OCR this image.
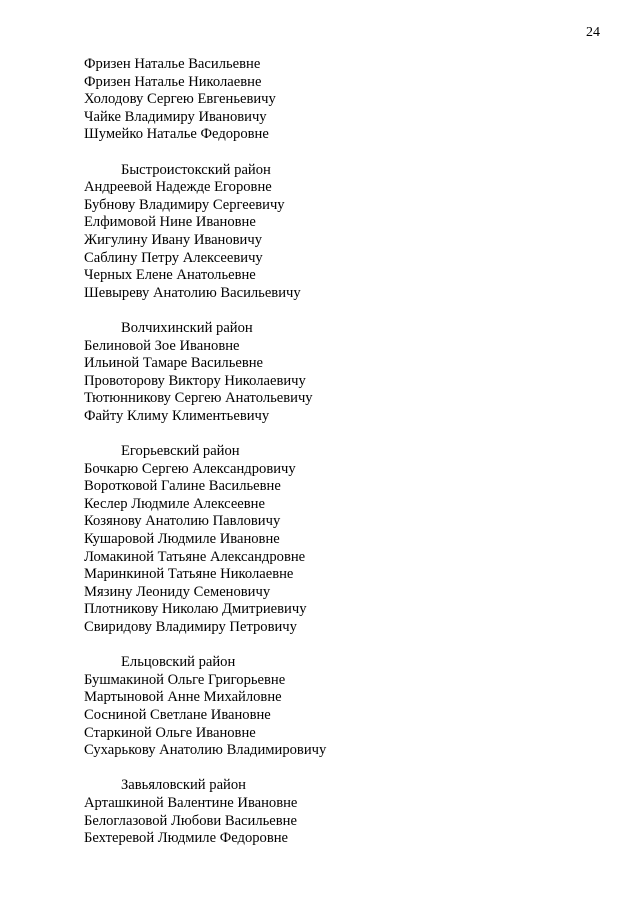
24
Фризен Наталье Васильевне
Фризен Наталье Николаевне
Холодову Сергею Евгеньевичу
Чайке Владимиру Ивановичу
Шумейко Наталье Федоровне
Быстроистокский район
Андреевой Надежде Егоровне
Бубнову Владимиру Сергеевичу
Елфимовой Нине Ивановне
Жигулину Ивану Ивановичу
Саблину Петру Алексеевичу
Черных Елене Анатольевне
Шевыреву Анатолию Васильевичу
Волчихинский район
Белиновой Зое Ивановне
Ильиной Тамаре Васильевне
Провоторову Виктору Николаевичу
Тютюнникову Сергею Анатольевичу
Файту Климу Климентьевичу
Егорьевский район
Бочкарю Сергею Александровичу
Воротковой Галине Васильевне
Кеслер Людмиле Алексеевне
Козянову Анатолию Павловичу
Кушаровой Людмиле Ивановне
Ломакиной Татьяне Александровне
Маринкиной Татьяне Николаевне
Мязину Леониду Семеновичу
Плотникову Николаю Дмитриевичу
Свиридову Владимиру Петровичу
Ельцовский район
Бушмакиной Ольге Григорьевне
Мартыновой Анне Михайловне
Сосниной Светлане Ивановне
Старкиной Ольге Ивановне
Сухарькову Анатолию Владимировичу
Завьяловский район
Арташкиной Валентине Ивановне
Белоглазовой Любови Васильевне
Бехтеревой Людмиле Федоровне
